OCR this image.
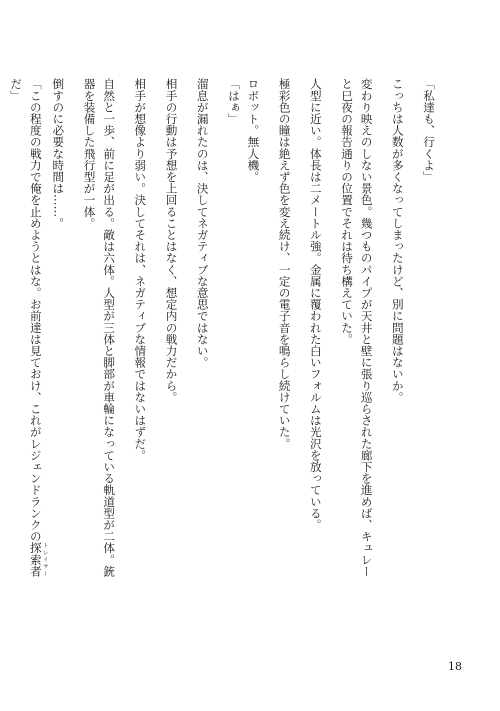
「私達も、行くよ」
こっちは人数が多くなってしまったけど、別に問題はないか。
変わり映えのしない景色。幾つものパイプが天井と壁に張り巡らされた廊下を進めば、キュレー
と巳夜の報告通りの位置でそれは待ち構えていた。
人型に近い。体長は二メートル強。金属に覆われた白いフォルムは光沢を放っている。
極彩色の瞳は絶えず色を変え続け、一定の電子音を鳴らし続けていた。
ロボット。無人機。
「はぁ」
溜息が漏れたのは、決してネガティブな意思ではない。
相手の行動は予想を上回ることはなく、想定内の戦力だから。
相手が想像より弱い。決してそれは、ネガティブな情報ではないはずだ。
自然と一歩、前に足が出る。敵は六体。人型が三体と脚部が車輪になっている軌道型が二体。銃
器を装備した飛行型が一体。
倒すのに必要な時間は……。
「この程度の戦力で俺を止めようとはな。お前達は見ておけ、これがレジェンドランクの探索者 トレイサー
だ」
18
